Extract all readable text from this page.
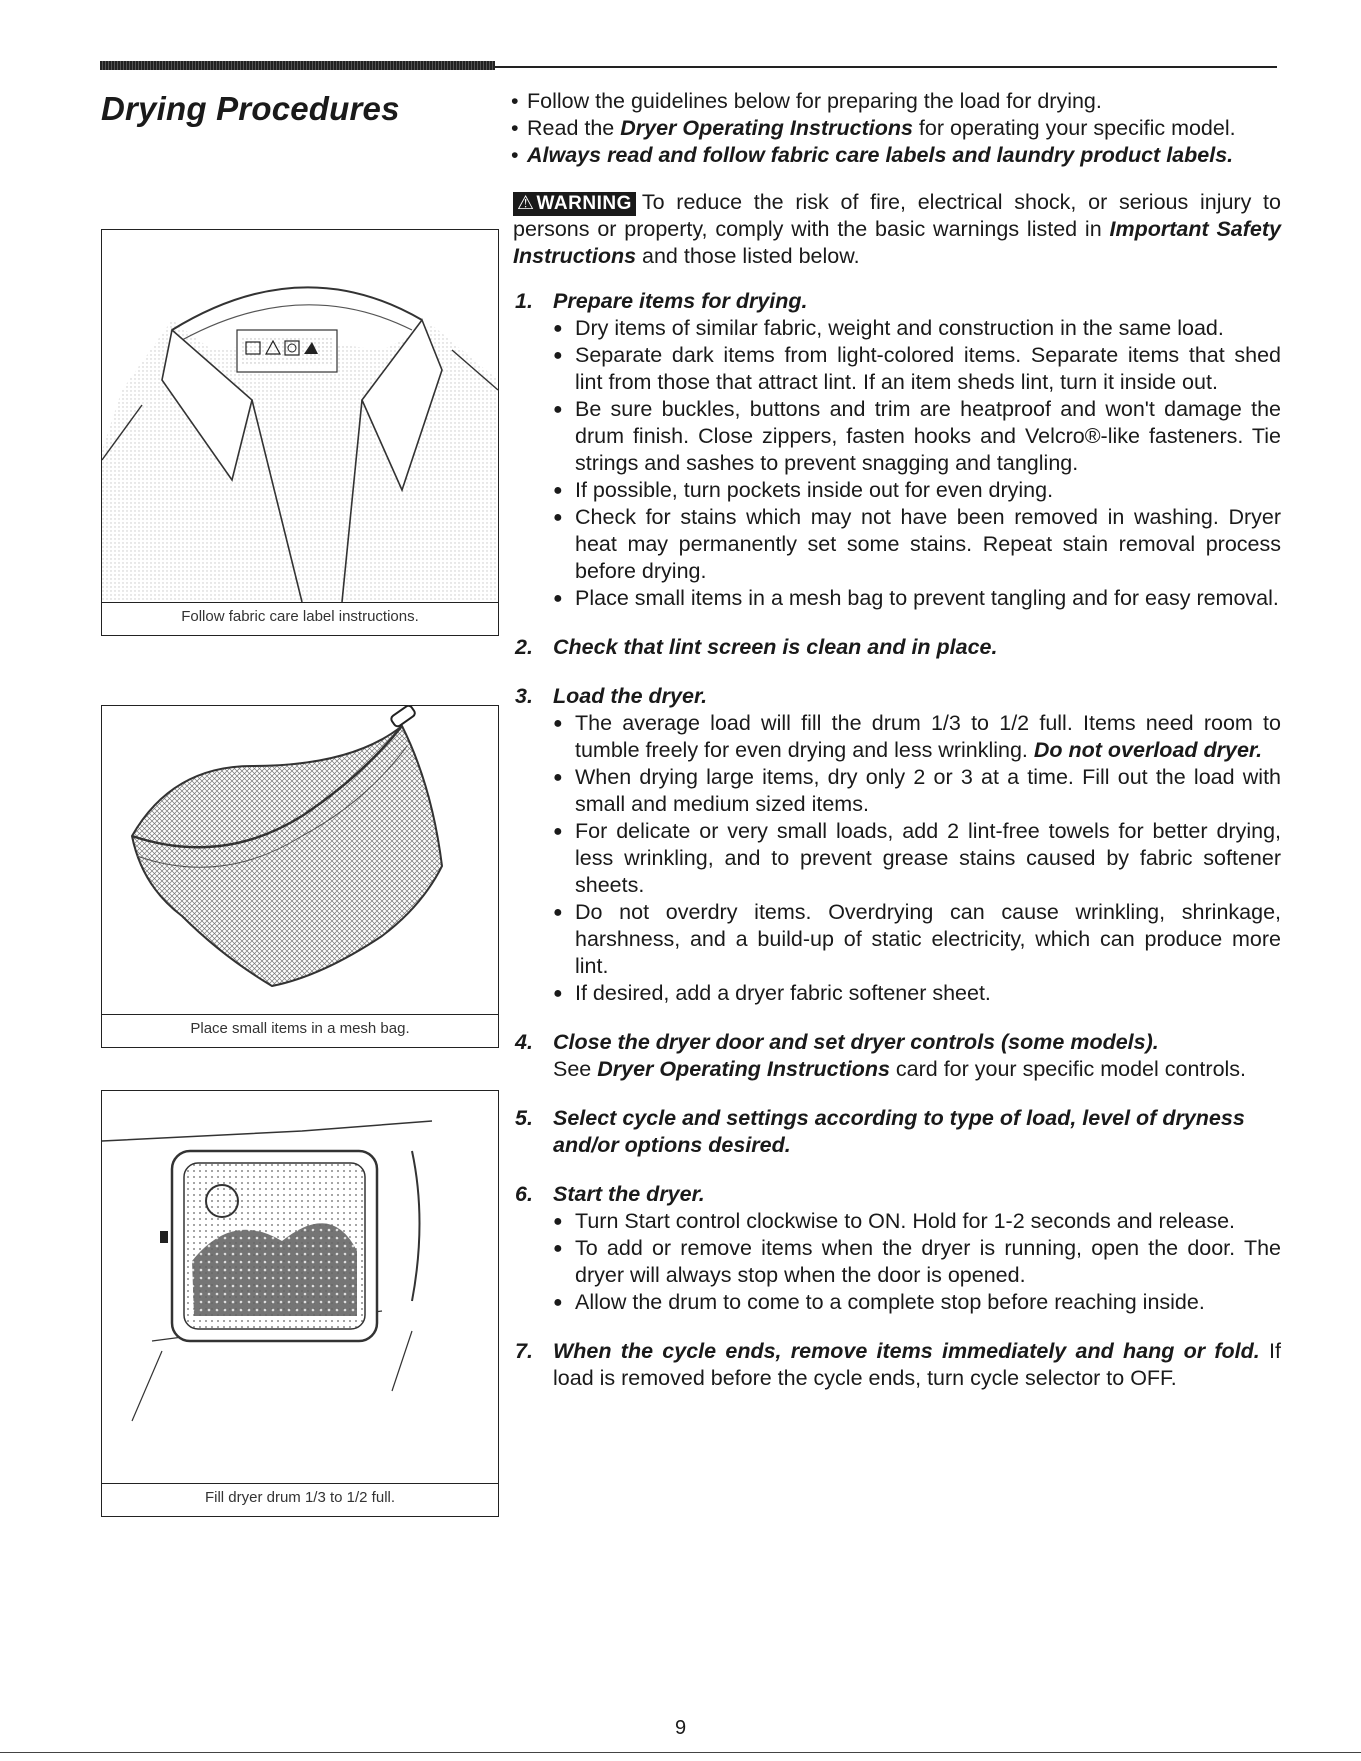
Drying Procedures
Follow fabric care label instructions.
Place small items in a mesh bag.
Fill dryer drum 1/3 to 1/2 full.
• Follow the guidelines below for preparing the load for drying.
• Read the Dryer Operating Instructions for operating your specific model.
• Always read and follow fabric care labels and laundry product labels.

⚠ WARNING To reduce the risk of fire, electrical shock, or serious injury to persons or property, comply with the basic warnings listed in Important Safety Instructions and those listed below.

1. Prepare items for drying.
● Dry items of similar fabric, weight and construction in the same load.
● Separate dark items from light-colored items. Separate items that shed lint from those that attract lint. If an item sheds lint, turn it inside out.
● Be sure buckles, buttons and trim are heatproof and won't damage the drum finish. Close zippers, fasten hooks and Velcro®-like fasteners. Tie strings and sashes to prevent snagging and tangling.
● If possible, turn pockets inside out for even drying.
● Check for stains which may not have been removed in washing. Dryer heat may permanently set some stains. Repeat stain removal process before drying.
● Place small items in a mesh bag to prevent tangling and for easy removal.
2. Check that lint screen is clean and in place.
3. Load the dryer.
● The average load will fill the drum 1/3 to 1/2 full. Items need room to tumble freely for even drying and less wrinkling. Do not overload dryer.
● When drying large items, dry only 2 or 3 at a time. Fill out the load with small and medium sized items.
● For delicate or very small loads, add 2 lint-free towels for better drying, less wrinkling, and to prevent grease stains caused by fabric softener sheets.
● Do not overdry items. Overdrying can cause wrinkling, shrinkage, harshness, and a build-up of static electricity, which can produce more lint.
● If desired, add a dryer fabric softener sheet.
4. Close the dryer door and set dryer controls (some models).
See Dryer Operating Instructions card for your specific model controls.
5. Select cycle and settings according to type of load, level of dryness and/or options desired.
6. Start the dryer.
● Turn Start control clockwise to ON. Hold for 1-2 seconds and release.
● To add or remove items when the dryer is running, open the door. The dryer will always stop when the door is opened.
● Allow the drum to come to a complete stop before reaching inside.
7. When the cycle ends, remove items immediately and hang or fold. If load is removed before the cycle ends, turn cycle selector to OFF.
9
